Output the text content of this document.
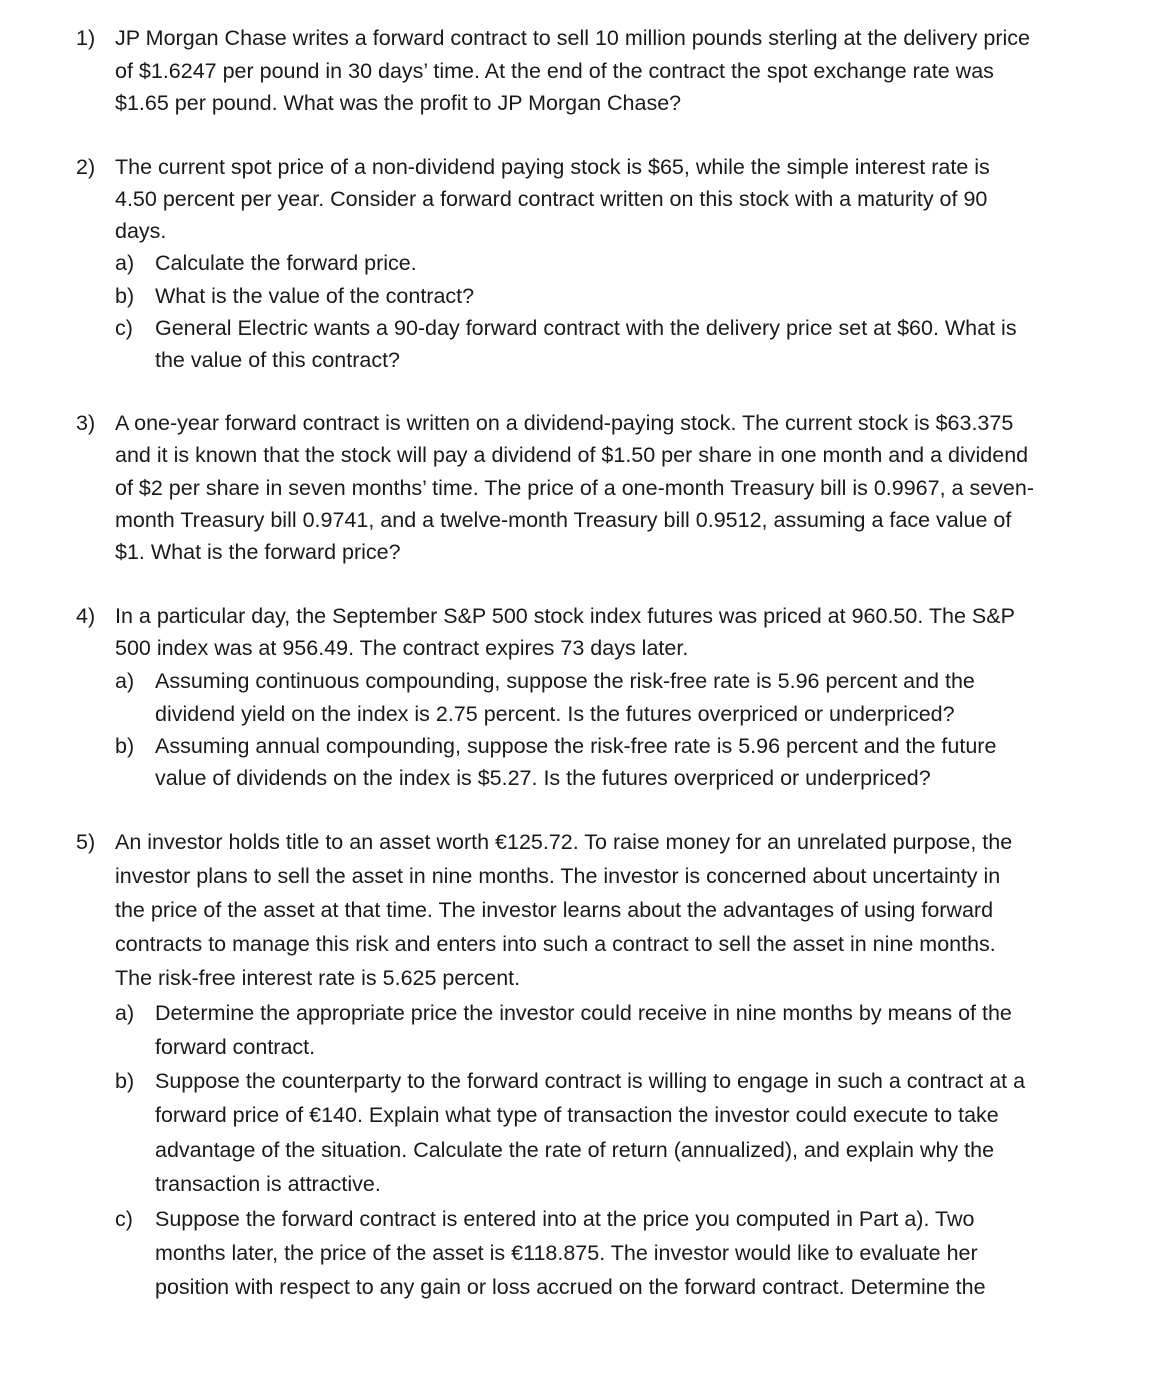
1) JP Morgan Chase writes a forward contract to sell 10 million pounds sterling at the delivery price
of $1.6247 per pound in 30 days’ time. At the end of the contract the spot exchange rate was
$1.65 per pound. What was the profit to JP Morgan Chase?
2) The current spot price of a non-dividend paying stock is $65, while the simple interest rate is
4.50 percent per year. Consider a forward contract written on this stock with a maturity of 90
days.
a) Calculate the forward price.
b) What is the value of the contract?
c) General Electric wants a 90-day forward contract with the delivery price set at $60. What is
the value of this contract?
3) A one-year forward contract is written on a dividend-paying stock. The current stock is $63.375
and it is known that the stock will pay a dividend of $1.50 per share in one month and a dividend
of $2 per share in seven months’ time. The price of a one-month Treasury bill is 0.9967, a seven-
month Treasury bill 0.9741, and a twelve-month Treasury bill 0.9512, assuming a face value of
$1. What is the forward price?
4) In a particular day, the September S&P 500 stock index futures was priced at 960.50. The S&P
500 index was at 956.49. The contract expires 73 days later.
a) Assuming continuous compounding, suppose the risk-free rate is 5.96 percent and the
dividend yield on the index is 2.75 percent. Is the futures overpriced or underpriced?
b) Assuming annual compounding, suppose the risk-free rate is 5.96 percent and the future
value of dividends on the index is $5.27. Is the futures overpriced or underpriced?
5) An investor holds title to an asset worth €125.72. To raise money for an unrelated purpose, the
investor plans to sell the asset in nine months. The investor is concerned about uncertainty in
the price of the asset at that time. The investor learns about the advantages of using forward
contracts to manage this risk and enters into such a contract to sell the asset in nine months.
The risk-free interest rate is 5.625 percent.
a) Determine the appropriate price the investor could receive in nine months by means of the
forward contract.
b) Suppose the counterparty to the forward contract is willing to engage in such a contract at a
forward price of €140. Explain what type of transaction the investor could execute to take
advantage of the situation. Calculate the rate of return (annualized), and explain why the
transaction is attractive.
c) Suppose the forward contract is entered into at the price you computed in Part a). Two
months later, the price of the asset is €118.875. The investor would like to evaluate her
position with respect to any gain or loss accrued on the forward contract. Determine the
